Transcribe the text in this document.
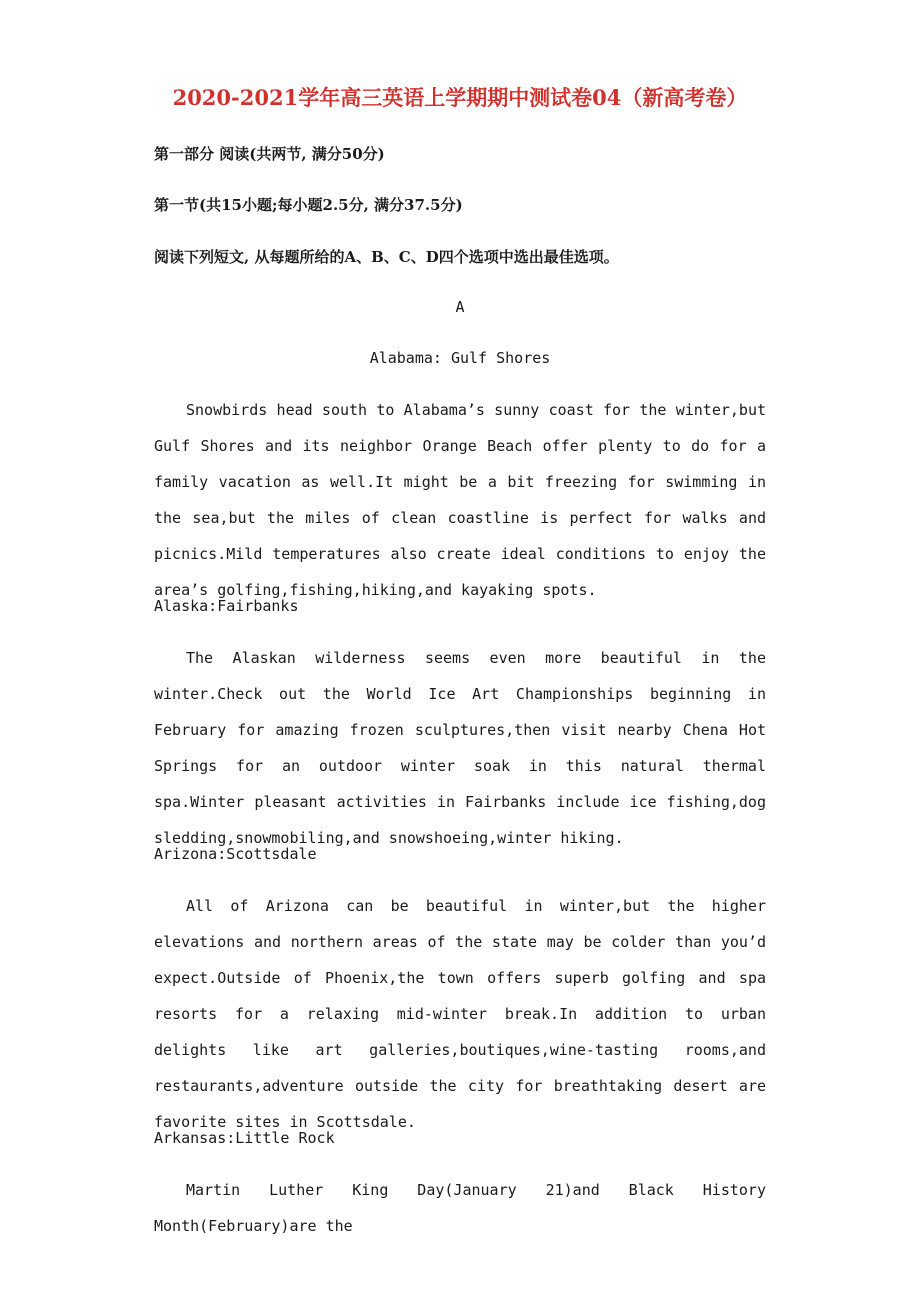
2020-2021学年高三英语上学期期中测试卷04（新高考卷）
第一部分 阅读(共两节, 满分50分)
第一节(共15小题;每小题2.5分, 满分37.5分)
阅读下列短文, 从每题所给的A、B、C、D四个选项中选出最佳选项。
A
Alabama: Gulf Shores
Snowbirds head south to Alabama’s sunny coast for the winter,but Gulf Shores and its neighbor Orange Beach offer plenty to do for a family vacation as well.It might be a bit freezing for swimming in the sea,but the miles of clean coastline is perfect for walks and picnics.Mild temperatures also create ideal conditions to enjoy the area’s golfing,fishing,hiking,and kayaking spots.
Alaska:Fairbanks
The Alaskan wilderness seems even more beautiful in the winter.Check out the World Ice Art Championships beginning in February for amazing frozen sculptures,then visit nearby Chena Hot Springs for an outdoor winter soak in this natural thermal spa.Winter pleasant activities in Fairbanks include ice fishing,dog sledding,snowmobiling,and snowshoeing,winter hiking.
Arizona:Scottsdale
All of Arizona can be beautiful in winter,but the higher elevations and northern areas of the state may be colder than you’d expect.Outside of Phoenix,the town offers superb golfing and spa resorts for a relaxing mid-winter break.In addition to urban delights like art galleries,boutiques,wine-tasting rooms,and restaurants,adventure outside the city for breathtaking desert are favorite sites in Scottsdale.
Arkansas:Little Rock
Martin Luther King Day(January 21)and Black History Month(February)are the
